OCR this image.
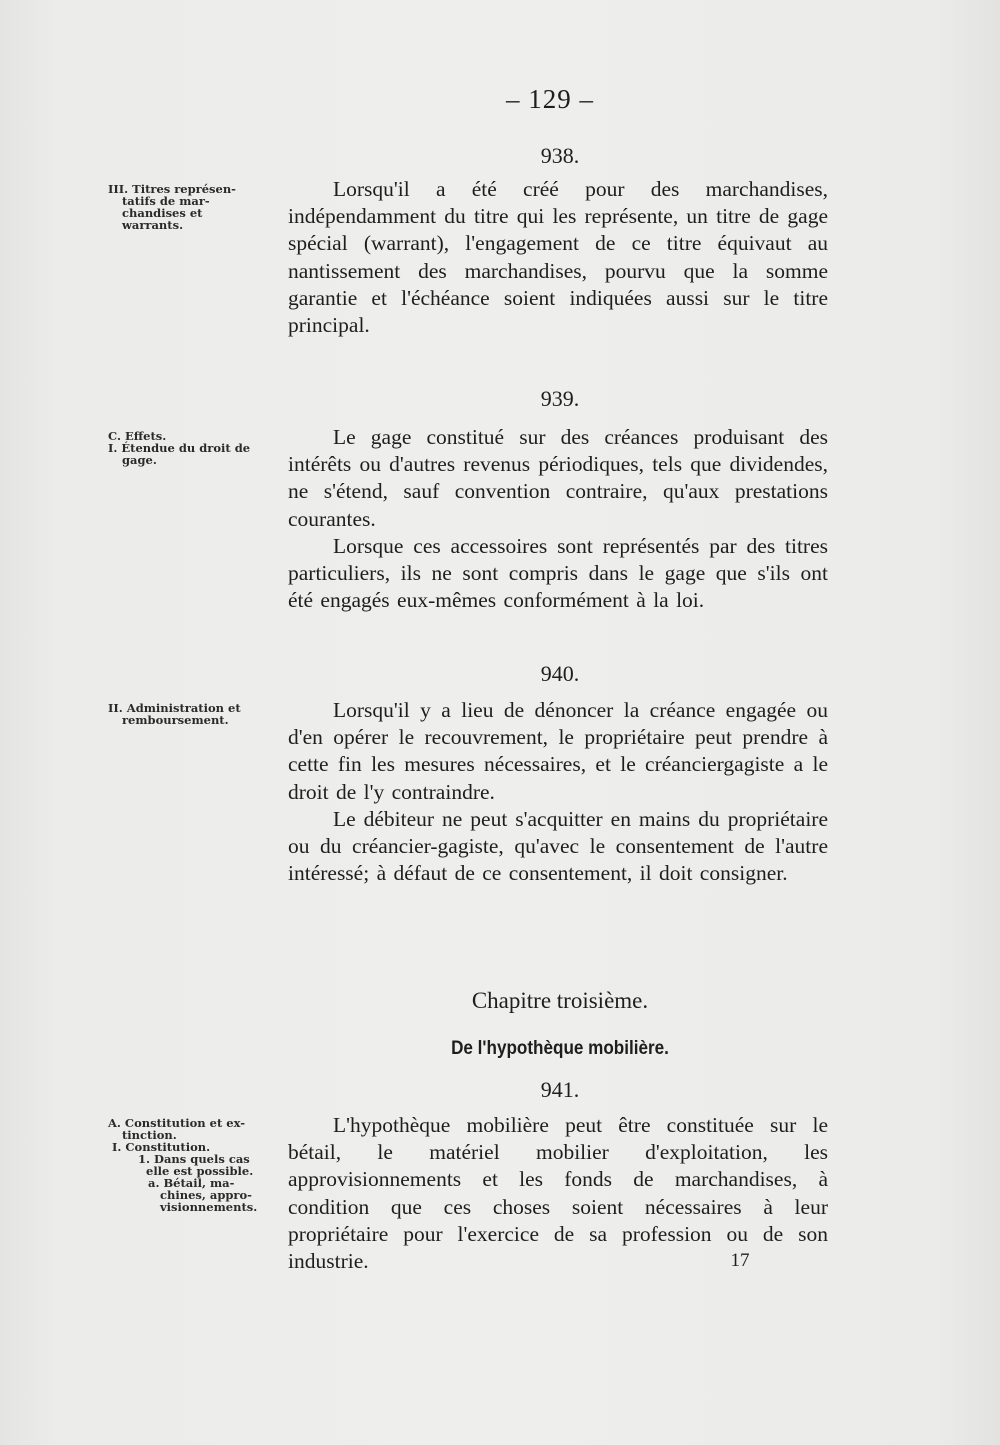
– 129 –
938.
III. Titres représen-
tatifs de mar-
chandises et
warrants.

Lorsqu'il a été créé pour des marchandises, indépendamment du titre qui les représente, un titre de gage spécial (warrant), l'engagement de ce titre équivaut au nantissement des marchandises, pourvu que la somme garantie et l'échéance soient indiquées aussi sur le titre principal.

939.
C. Effets.
I. Étendue du droit de
gage.

Le gage constitué sur des créances produisant des intérêts ou d'autres revenus périodiques, tels que dividendes, ne s'étend, sauf convention contraire, qu'aux prestations courantes.

Lorsque ces accessoires sont représentés par des titres particuliers, ils ne sont compris dans le gage que s'ils ont été engagés eux-mêmes conformément à la loi.

940.
II. Administration et
remboursement.	Lorsqu'il y a lieu de dénoncer la créance engagée ou d'en opérer le recouvrement, le propriétaire peut prendre à cette fin les mesures nécessaires, et le créanciergagiste a le droit de l'y contraindre.

Le débiteur ne peut s'acquitter en mains du propriétaire ou du créancier-gagiste, qu'avec le consentement de l'autre intéressé; à défaut de ce consentement, il doit consigner.

Chapitre troisième.
De l'hypothèque mobilière.
941.
A. Constitution et ex-
tinction.
I. Constitution.
1. Dans quels cas
elle est possible.
a. Bétail, ma-
chines, appro-
visionnements.

L'hypothèque mobilière peut être constituée sur le bétail, le matériel mobilier d'exploitation, les approvisionnements et les fonds de marchandises, à condition que ces choses soient nécessaires à leur propriétaire pour l'exercice de sa profession ou de son industrie.	17
